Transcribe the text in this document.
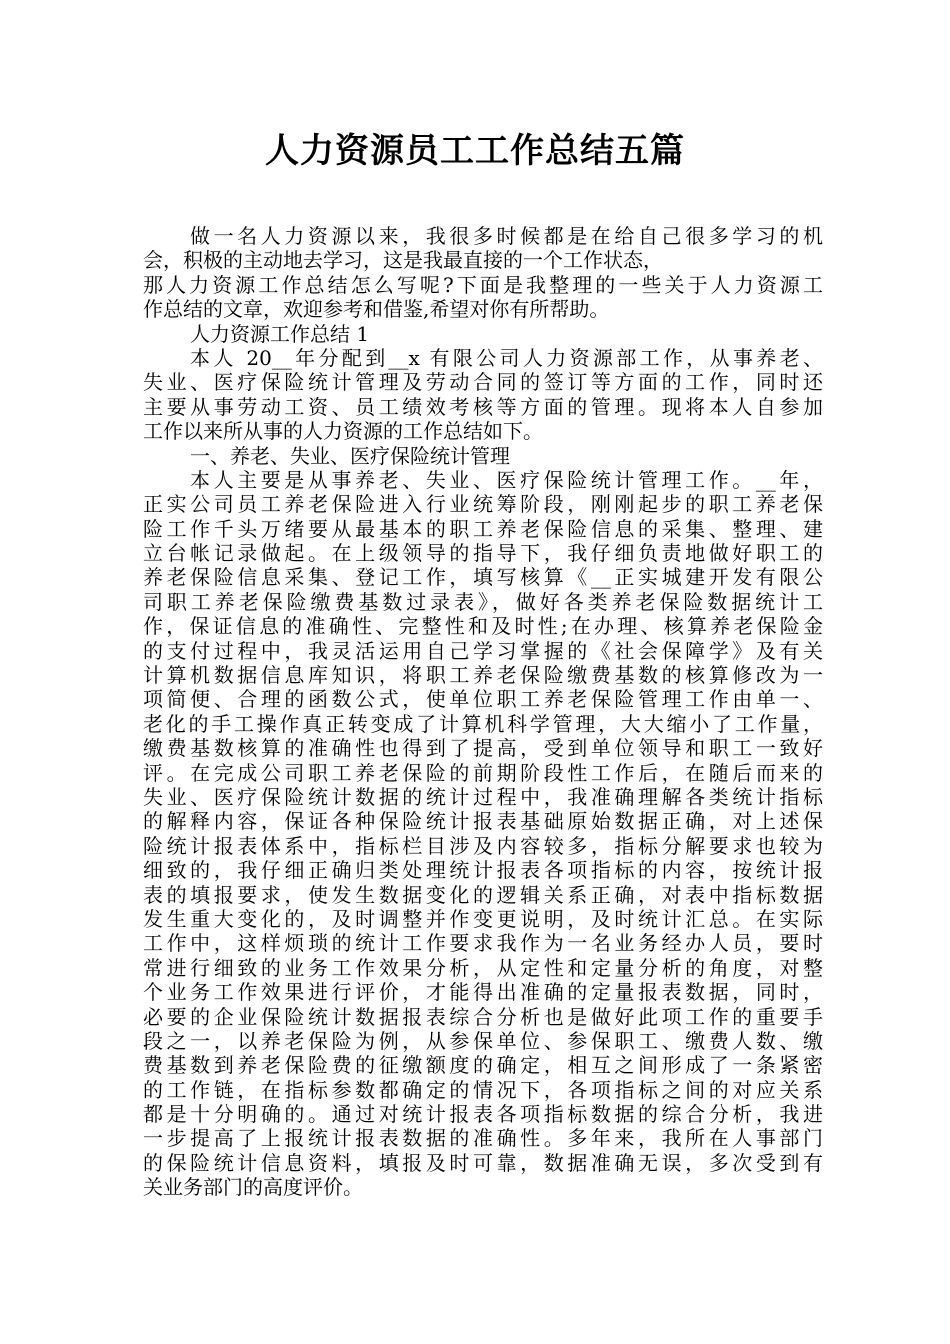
人力资源员工工作总结五篇
做一名人力资源以来，我很多时候都是在给自己很多学习的机
会，积极的主动地去学习，这是我最直接的一个工作状态，
那人力资源工作总结怎么写呢?下面是我整理的一些关于人力资源工
作总结的文章，欢迎参考和借鉴,希望对你有所帮助。
人力资源工作总结 1
本人 20__年分配到__x 有限公司人力资源部工作，从事养老、
失业、医疗保险统计管理及劳动合同的签订等方面的工作，同时还
主要从事劳动工资、员工绩效考核等方面的管理。现将本人自参加
工作以来所从事的人力资源的工作总结如下。
一、养老、失业、医疗保险统计管理
本人主要是从事养老、失业、医疗保险统计管理工作。__年，
正实公司员工养老保险进入行业统筹阶段，刚刚起步的职工养老保
险工作千头万绪要从最基本的职工养老保险信息的采集、整理、建
立台帐记录做起。在上级领导的指导下，我仔细负责地做好职工的
养老保险信息采集、登记工作，填写核算《__正实城建开发有限公
司职工养老保险缴费基数过录表》，做好各类养老保险数据统计工
作，保证信息的准确性、完整性和及时性;在办理、核算养老保险金
的支付过程中，我灵活运用自己学习掌握的《社会保障学》及有关
计算机数据信息库知识，将职工养老保险缴费基数的核算修改为一
项简便、合理的函数公式，使单位职工养老保险管理工作由单一、
老化的手工操作真正转变成了计算机科学管理，大大缩小了工作量，
缴费基数核算的准确性也得到了提高，受到单位领导和职工一致好
评。在完成公司职工养老保险的前期阶段性工作后，在随后而来的
失业、医疗保险统计数据的统计过程中，我准确理解各类统计指标
的解释内容，保证各种保险统计报表基础原始数据正确，对上述保
险统计报表体系中，指标栏目涉及内容较多，指标分解要求也较为
细致的，我仔细正确归类处理统计报表各项指标的内容，按统计报
表的填报要求，使发生数据变化的逻辑关系正确，对表中指标数据
发生重大变化的，及时调整并作变更说明，及时统计汇总。在实际
工作中，这样烦琐的统计工作要求我作为一名业务经办人员，要时
常进行细致的业务工作效果分析，从定性和定量分析的角度，对整
个业务工作效果进行评价，才能得出准确的定量报表数据，同时，
必要的企业保险统计数据报表综合分析也是做好此项工作的重要手
段之一，以养老保险为例，从参保单位、参保职工、缴费人数、缴
费基数到养老保险费的征缴额度的确定，相互之间形成了一条紧密
的工作链，在指标参数都确定的情况下，各项指标之间的对应关系
都是十分明确的。通过对统计报表各项指标数据的综合分析，我进
一步提高了上报统计报表数据的准确性。多年来，我所在人事部门
的保险统计信息资料，填报及时可靠，数据准确无误，多次受到有
关业务部门的高度评价。
